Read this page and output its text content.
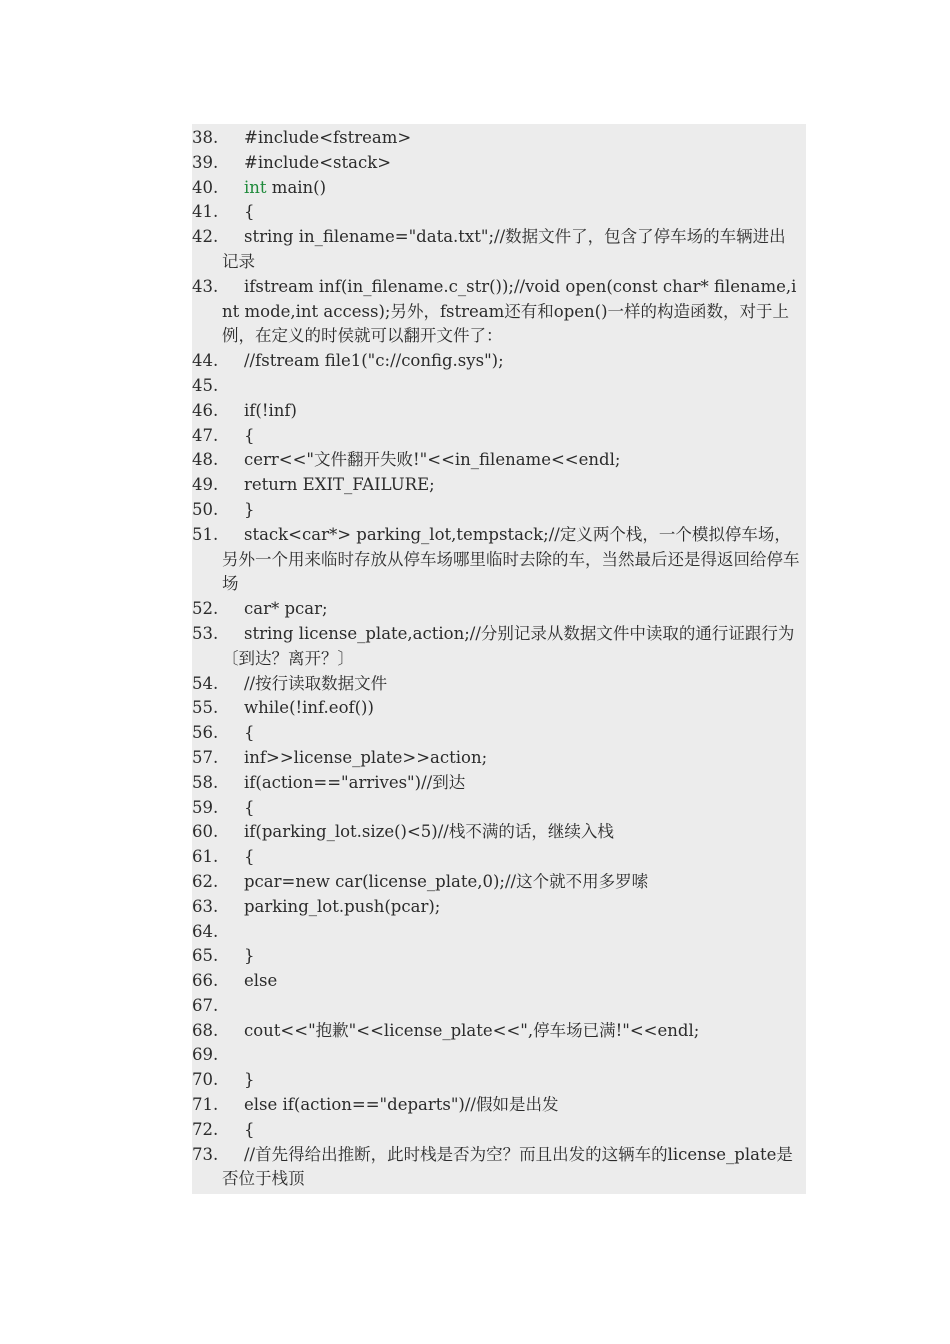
38.	#include<fstream>
39.	#include<stack>
40.	int main()
41.	{
42.	string in_filename="data.txt";//数据文件了，包含了停车场的车辆进出记录
43.	ifstream inf(in_filename.c_str());//void open(const char* filename,int mode,int access);另外，fstream还有和open()一样的构造函数，对于上例，在定义的时侯就可以翻开文件了：
44.	//fstream file1("c://config.sys");
45.

46.	if(!inf)
47.	{
48.	cerr<<"文件翻开失败!"<<in_filename<<endl;
49.	return EXIT_FAILURE;
50.	}
51.	stack<car*> parking_lot,tempstack;//定义两个栈，一个模拟停车场，另外一个用来临时存放从停车场哪里临时去除的车，当然最后还是得返回给停车场
52.	car* pcar;
53.	string license_plate,action;//分别记录从数据文件中读取的通行证跟行为〔到达？离开？〕
54.	//按行读取数据文件
55.	while(!inf.eof())
56.	{
57.	inf>>license_plate>>action;
58.	if(action=="arrives")//到达
59.	{
60.	if(parking_lot.size()<5)//栈不满的话，继续入栈
61.	{
62.	pcar=new car(license_plate,0);//这个就不用多罗嗦
63.	parking_lot.push(pcar);
64.

65.	}
66.	else
67.

68.	cout<<"抱歉"<<license_plate<<",停车场已满!"<<endl;
69.

70.	}
71.	else if(action=="departs")//假如是出发
72.	{
73.	//首先得给出推断，此时栈是否为空？而且出发的这辆车的license_plate是否位于栈顶
